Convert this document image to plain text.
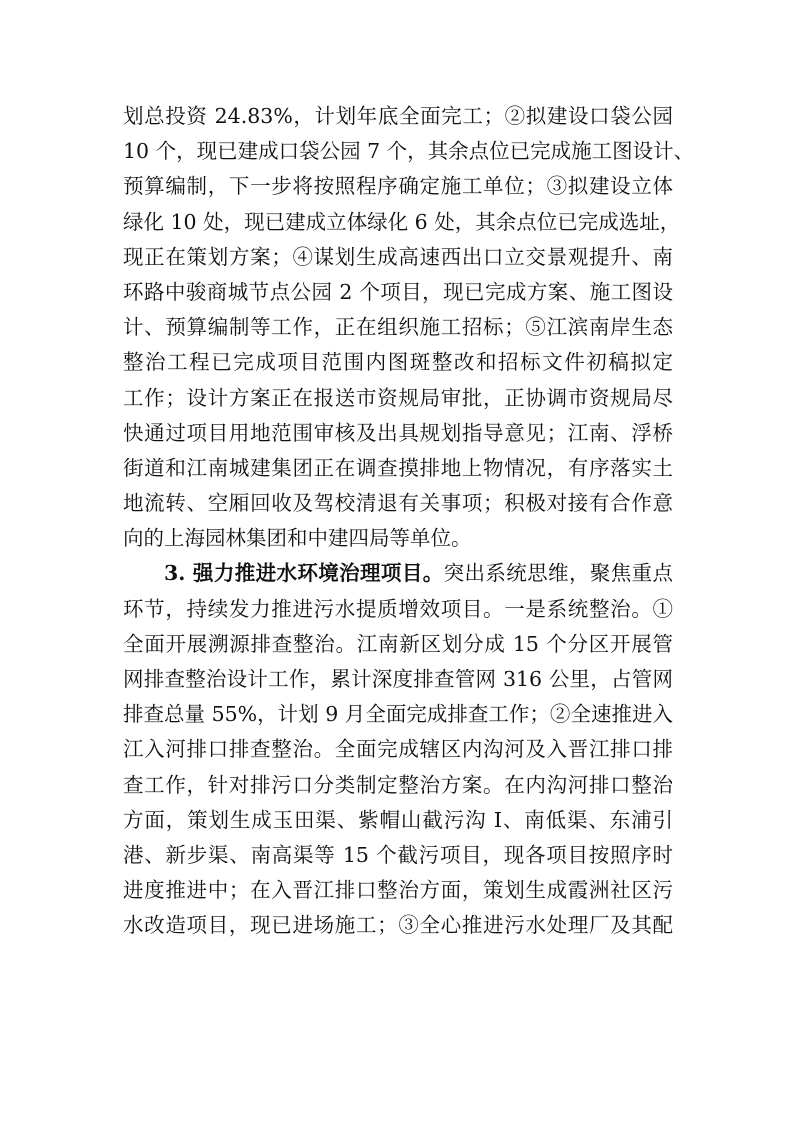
划总投资 24.83%，计划年底全面完工；②拟建设口袋公园
10 个，现已建成口袋公园 7 个，其余点位已完成施工图设计、
预算编制，下一步将按照程序确定施工单位；③拟建设立体
绿化 10 处，现已建成立体绿化 6 处，其余点位已完成选址，
现正在策划方案；④谋划生成高速西出口立交景观提升、南
环路中骏商城节点公园 2 个项目，现已完成方案、施工图设
计、预算编制等工作，正在组织施工招标；⑤江滨南岸生态
整治工程已完成项目范围内图斑整改和招标文件初稿拟定
工作；设计方案正在报送市资规局审批，正协调市资规局尽
快通过项目用地范围审核及出具规划指导意见；江南、浮桥
街道和江南城建集团正在调查摸排地上物情况，有序落实土
地流转、空厢回收及驾校清退有关事项；积极对接有合作意
向的上海园林集团和中建四局等单位。
3. 强力推进水环境治理项目。突出系统思维，聚焦重点
环节，持续发力推进污水提质增效项目。一是系统整治。①
全面开展溯源排查整治。江南新区划分成 15 个分区开展管
网排查整治设计工作，累计深度排查管网 316 公里，占管网
排查总量 55%，计划 9 月全面完成排查工作；②全速推进入
江入河排口排查整治。全面完成辖区内沟河及入晋江排口排
查工作，针对排污口分类制定整治方案。在内沟河排口整治
方面，策划生成玉田渠、紫帽山截污沟 I、南低渠、东浦引
港、新步渠、南高渠等 15 个截污项目，现各项目按照序时
进度推进中；在入晋江排口整治方面，策划生成霞洲社区污
水改造项目，现已进场施工；③全心推进污水处理厂及其配
